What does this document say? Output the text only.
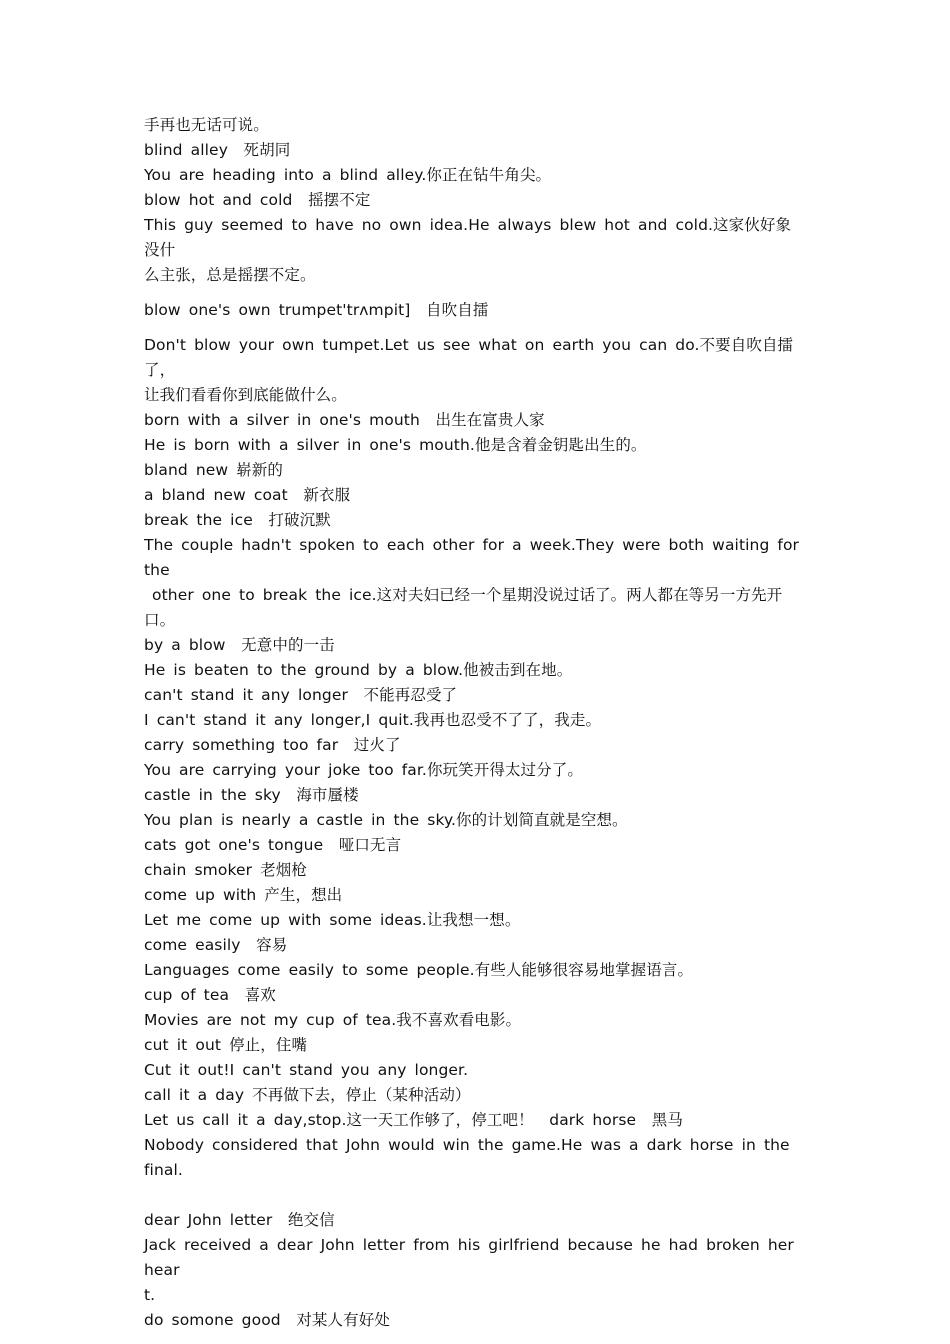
手再也无话可说。
blind alley　死胡同
You are heading into a blind alley.你正在钻牛角尖。
blow hot and cold　摇摆不定
This guy seemed to have no own idea.He always blew hot and cold.这家伙好象没什
么主张，总是摇摆不定。
blow one's own trumpet'trʌmpit]　自吹自擂
Don't blow your own tumpet.Let us see what on earth you can do.不要自吹自擂了，
让我们看看你到底能做什么。
born with a silver in one's mouth　出生在富贵人家
He is born with a silver in one's mouth.他是含着金钥匙出生的。
bland new 崭新的
a bland new coat　新衣服
break the ice　打破沉默
The couple hadn't spoken to each other for a week.They were both waiting for the
other one to break the ice.这对夫妇已经一个星期没说过话了。两人都在等另一方先开
口。
by a blow　无意中的一击
He is beaten to the ground by a blow.他被击到在地。
can't stand it any longer　不能再忍受了
I can't stand it any longer,I quit.我再也忍受不了了，我走。
carry something too far　过火了
You are carrying your joke too far.你玩笑开得太过分了。
castle in the sky　海市蜃楼
You plan is nearly a castle in the sky.你的计划简直就是空想。
cats got one's tongue　哑口无言
chain smoker 老烟枪
come up with 产生，想出
Let me come up with some ideas.让我想一想。
come easily　容易
Languages come easily to some people.有些人能够很容易地掌握语言。
cup of tea　喜欢
Movies are not my cup of tea.我不喜欢看电影。
cut it out 停止，住嘴
Cut it out!I can't stand you any longer.
call it a day 不再做下去，停止（某种活动）
Let us call it a day,stop.这一天工作够了，停工吧！　dark horse　黑马
Nobody considered that John would win the game.He was a dark horse in the final.
dear John letter　绝交信
Jack received a dear John letter from his girlfriend because he had broken her hear
t.
do somone good　对某人有好处
